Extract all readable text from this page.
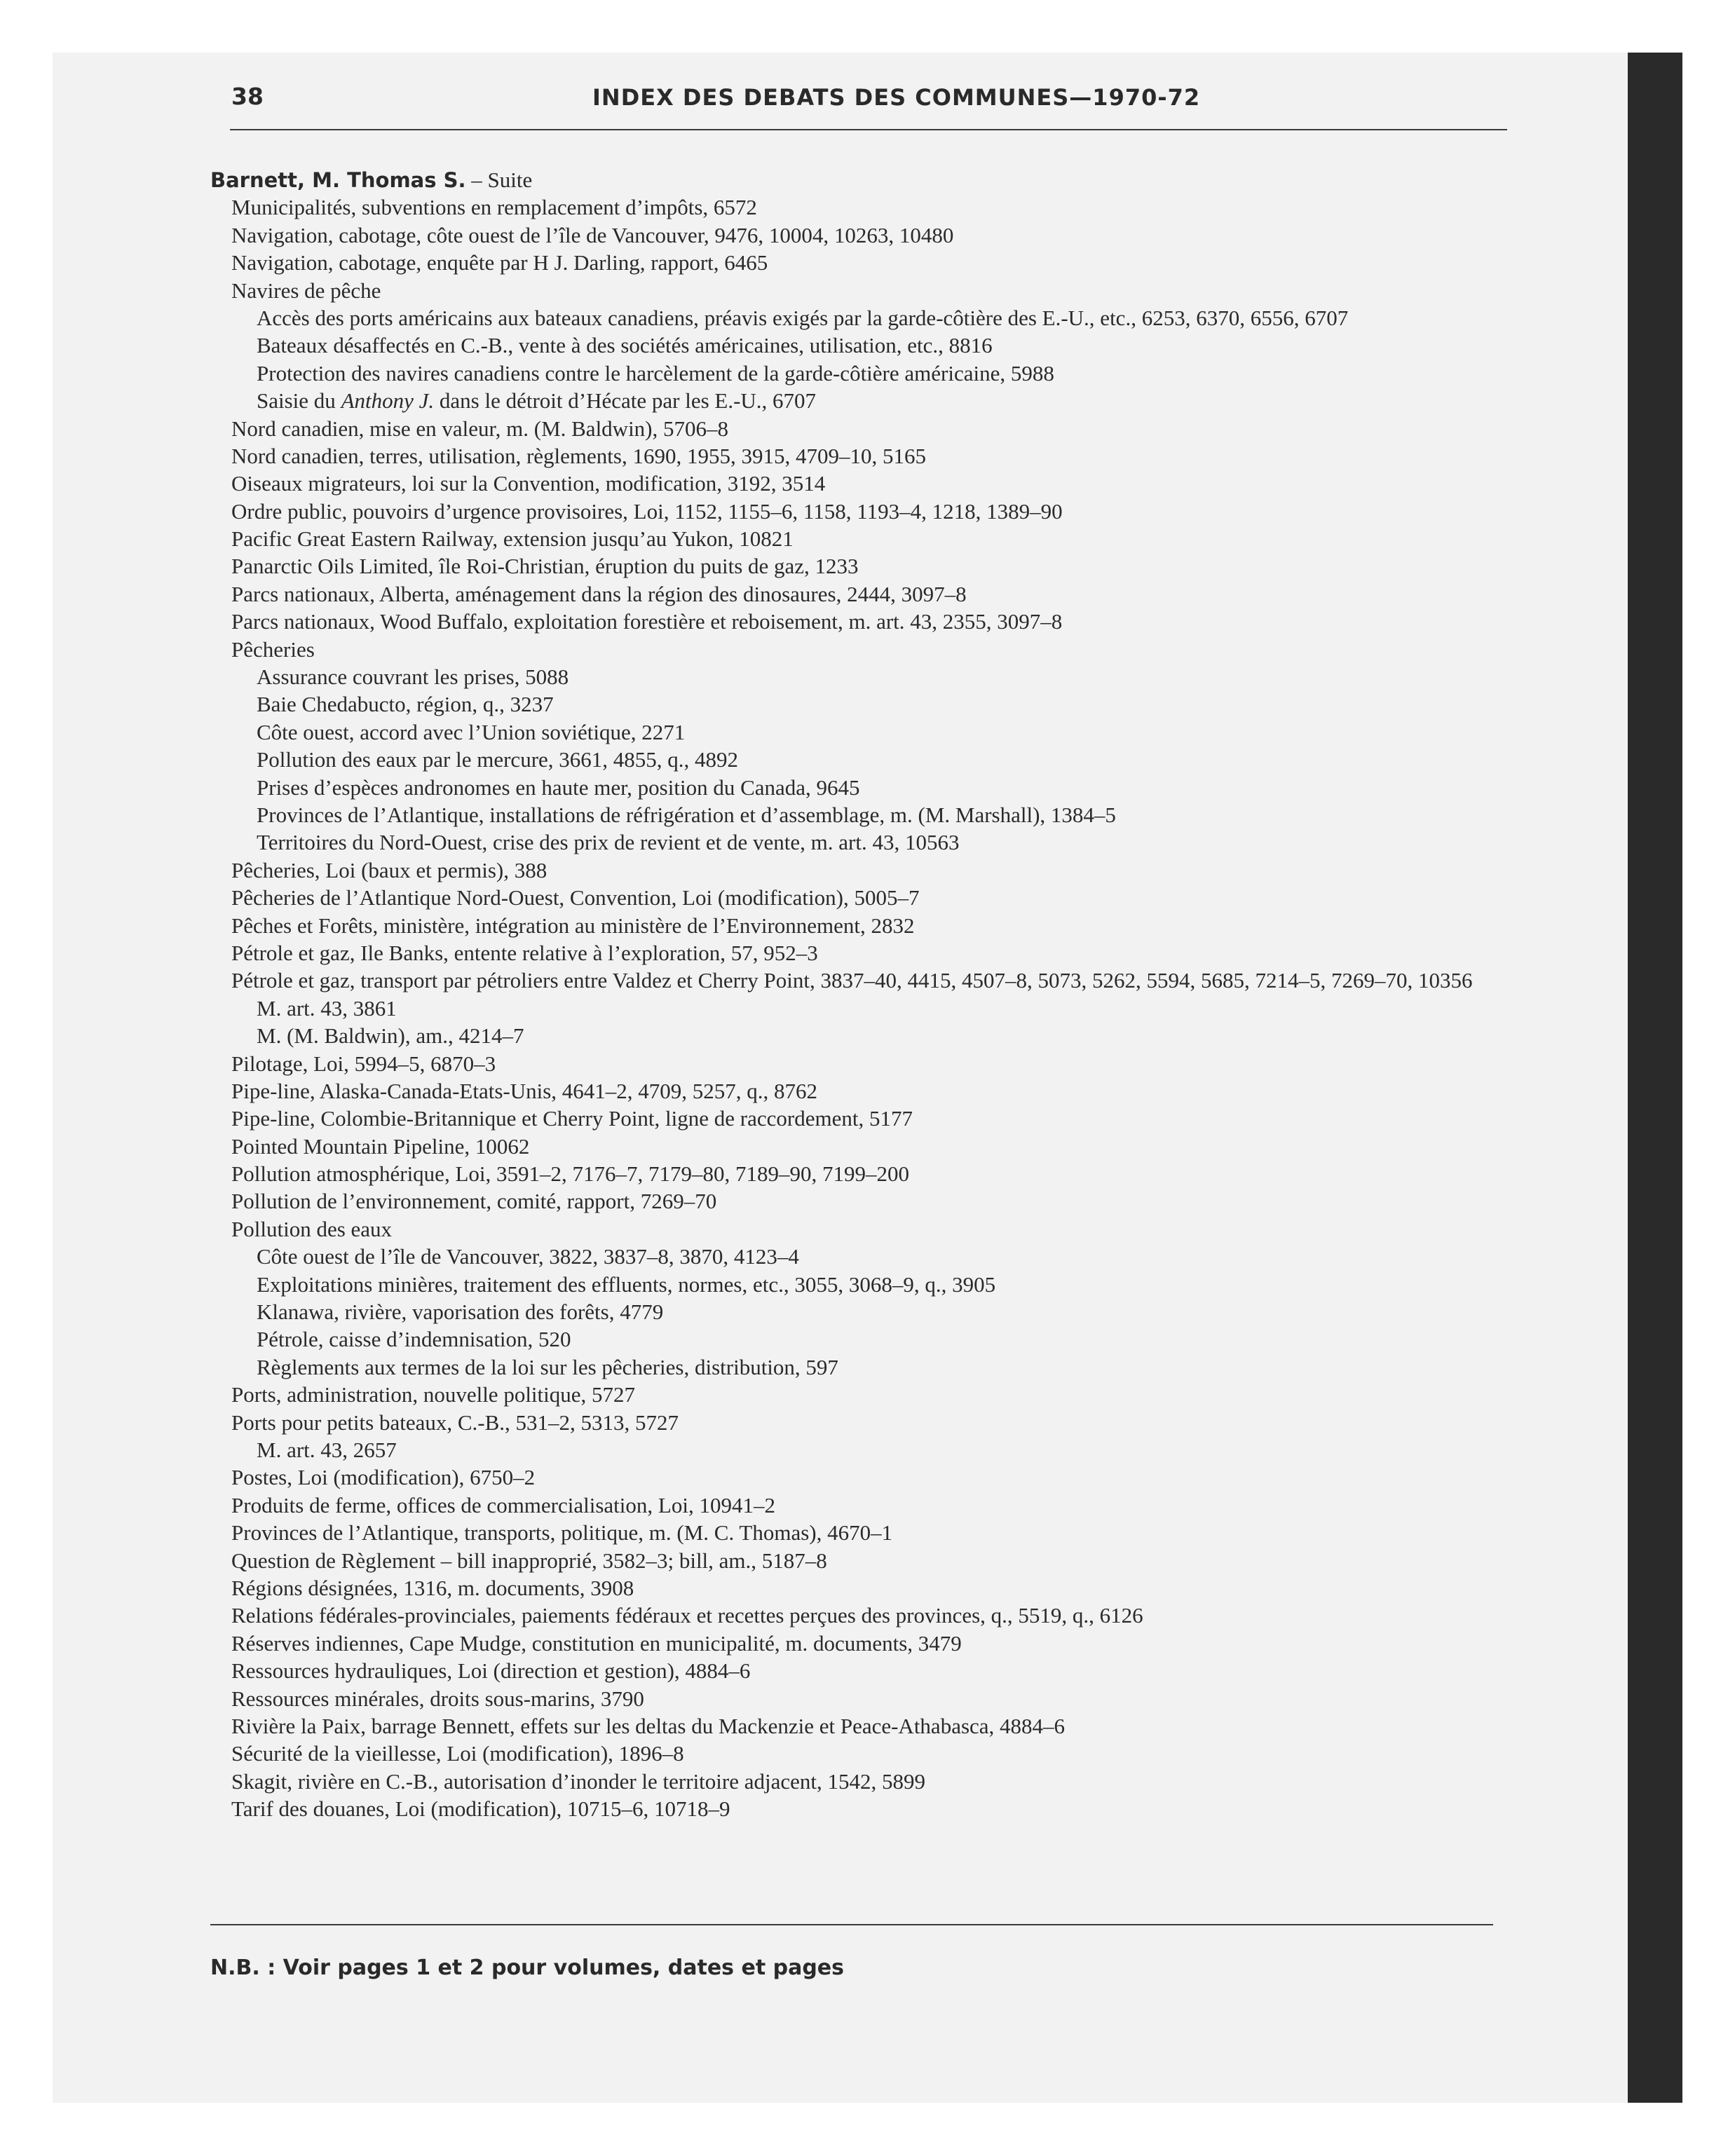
38	INDEX DES DEBATS DES COMMUNES—1970-72
Barnett, M. Thomas S. – Suite
Municipalités, subventions en remplacement d’impôts, 6572
Navigation, cabotage, côte ouest de l’île de Vancouver, 9476, 10004, 10263, 10480
Navigation, cabotage, enquête par H J. Darling, rapport, 6465
Navires de pêche
Accès des ports américains aux bateaux canadiens, préavis exigés par la garde-côtière des E.-U., etc., 6253, 6370, 6556, 6707
Bateaux désaffectés en C.-B., vente à des sociétés américaines, utilisation, etc., 8816
Protection des navires canadiens contre le harcèlement de la garde-côtière américaine, 5988
Saisie du Anthony J. dans le détroit d’Hécate par les E.-U., 6707
Nord canadien, mise en valeur, m. (M. Baldwin), 5706–8
Nord canadien, terres, utilisation, règlements, 1690, 1955, 3915, 4709–10, 5165
Oiseaux migrateurs, loi sur la Convention, modification, 3192, 3514
Ordre public, pouvoirs d’urgence provisoires, Loi, 1152, 1155–6, 1158, 1193–4, 1218, 1389–90
Pacific Great Eastern Railway, extension jusqu’au Yukon, 10821
Panarctic Oils Limited, île Roi-Christian, éruption du puits de gaz, 1233
Parcs nationaux, Alberta, aménagement dans la région des dinosaures, 2444, 3097–8
Parcs nationaux, Wood Buffalo, exploitation forestière et reboisement, m. art. 43, 2355, 3097–8
Pêcheries
Assurance couvrant les prises, 5088
Baie Chedabucto, région, q., 3237
Côte ouest, accord avec l’Union soviétique, 2271
Pollution des eaux par le mercure, 3661, 4855, q., 4892
Prises d’espèces andronomes en haute mer, position du Canada, 9645
Provinces de l’Atlantique, installations de réfrigération et d’assemblage, m. (M. Marshall), 1384–5
Territoires du Nord-Ouest, crise des prix de revient et de vente, m. art. 43, 10563
Pêcheries, Loi (baux et permis), 388
Pêcheries de l’Atlantique Nord-Ouest, Convention, Loi (modification), 5005–7
Pêches et Forêts, ministère, intégration au ministère de l’Environnement, 2832
Pétrole et gaz, Ile Banks, entente relative à l’exploration, 57, 952–3
Pétrole et gaz, transport par pétroliers entre Valdez et Cherry Point, 3837–40, 4415, 4507–8, 5073, 5262, 5594, 5685, 7214–5, 7269–70, 10356
M. art. 43, 3861
M. (M. Baldwin), am., 4214–7
Pilotage, Loi, 5994–5, 6870–3
Pipe-line, Alaska-Canada-Etats-Unis, 4641–2, 4709, 5257, q., 8762
Pipe-line, Colombie-Britannique et Cherry Point, ligne de raccordement, 5177
Pointed Mountain Pipeline, 10062
Pollution atmosphérique, Loi, 3591–2, 7176–7, 7179–80, 7189–90, 7199–200
Pollution de l’environnement, comité, rapport, 7269–70
Pollution des eaux
Côte ouest de l’île de Vancouver, 3822, 3837–8, 3870, 4123–4
Exploitations minières, traitement des effluents, normes, etc., 3055, 3068–9, q., 3905
Klanawa, rivière, vaporisation des forêts, 4779
Pétrole, caisse d’indemnisation, 520
Règlements aux termes de la loi sur les pêcheries, distribution, 597
Ports, administration, nouvelle politique, 5727
Ports pour petits bateaux, C.-B., 531–2, 5313, 5727
M. art. 43, 2657
Postes, Loi (modification), 6750–2
Produits de ferme, offices de commercialisation, Loi, 10941–2
Provinces de l’Atlantique, transports, politique, m. (M. C. Thomas), 4670–1
Question de Règlement – bill inapproprié, 3582–3; bill, am., 5187–8
Régions désignées, 1316, m. documents, 3908
Relations fédérales-provinciales, paiements fédéraux et recettes perçues des provinces, q., 5519, q., 6126
Réserves indiennes, Cape Mudge, constitution en municipalité, m. documents, 3479
Ressources hydrauliques, Loi (direction et gestion), 4884–6
Ressources minérales, droits sous-marins, 3790
Rivière la Paix, barrage Bennett, effets sur les deltas du Mackenzie et Peace-Athabasca, 4884–6
Sécurité de la vieillesse, Loi (modification), 1896–8
Skagit, rivière en C.-B., autorisation d’inonder le territoire adjacent, 1542, 5899
Tarif des douanes, Loi (modification), 10715–6, 10718–9
N.B. : Voir pages 1 et 2 pour volumes, dates et pages
